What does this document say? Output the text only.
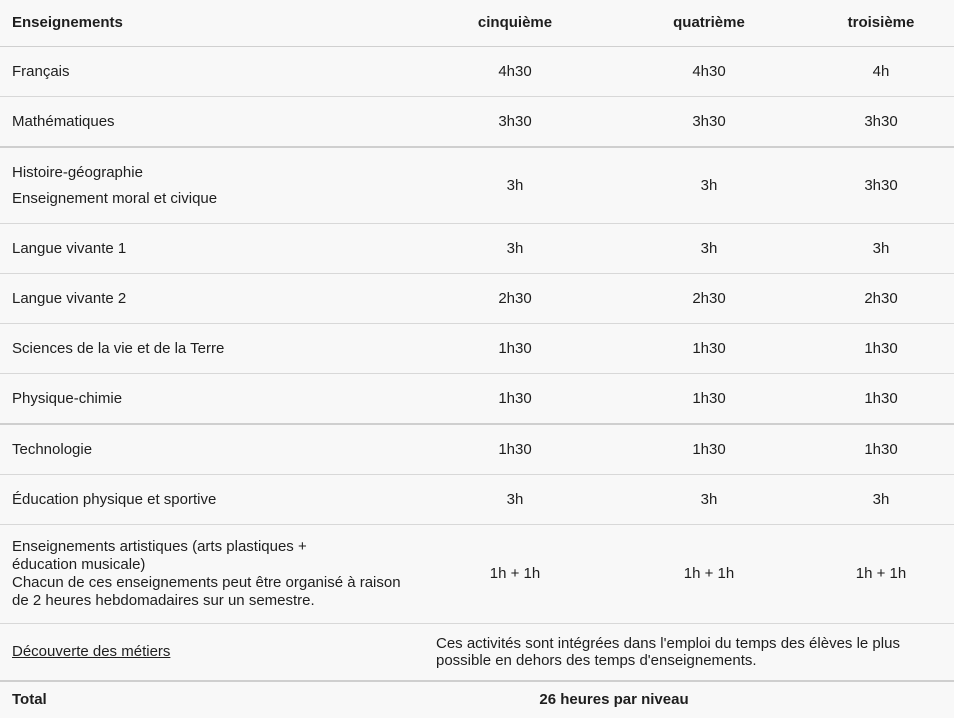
Enseignements	cinquième	quatrième	troisième

Français	4h30	4h30	4h

Mathématiques	3h30	3h30	3h30

Histoire-géographie
Enseignement moral et civique	3h	3h	3h30

Langue vivante 1	3h	3h	3h

Langue vivante 2	2h30	2h30	2h30

Sciences de la vie et de la Terre	1h30	1h30	1h30

Physique-chimie	1h30	1h30	1h30

Technologie	1h30	1h30	1h30

Éducation physique et sportive	3h	3h	3h

Enseignements artistiques (arts plastiques + éducation musicale)
Chacun de ces enseignements peut être organisé à raison de 2 heures hebdomadaires sur un semestre.	1h + 1h	1h + 1h	1h + 1h
Découverte des métiers	Ces activités sont intégrées dans l'emploi du temps des élèves le plus possible en dehors des temps d'enseignements.		
Total	26 heures par niveau		
